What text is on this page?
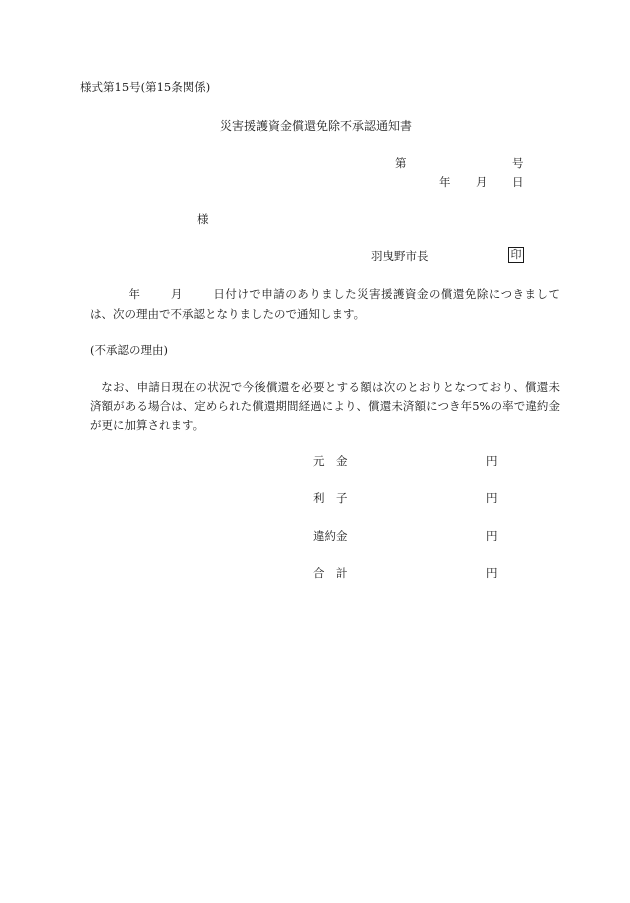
様式第15号(第15条関係)
災害援護資金償還免除不承認通知書
第	号
年 月 日
様
羽曳野市長	印
年	月	日付けで申請のありました災害援護資金の償還免除につきましては、次の理由で不承認となりましたので通知します。
(不承認の理由)
なお、申請日現在の状況で今後償還を必要とする額は次のとおりとなつており、償還未済額がある場合は、定められた償還期間経過により、償還未済額につき年5%の率で違約金が更に加算されます。
元　金	円
利　子	円
違約金	円
合　計	円
